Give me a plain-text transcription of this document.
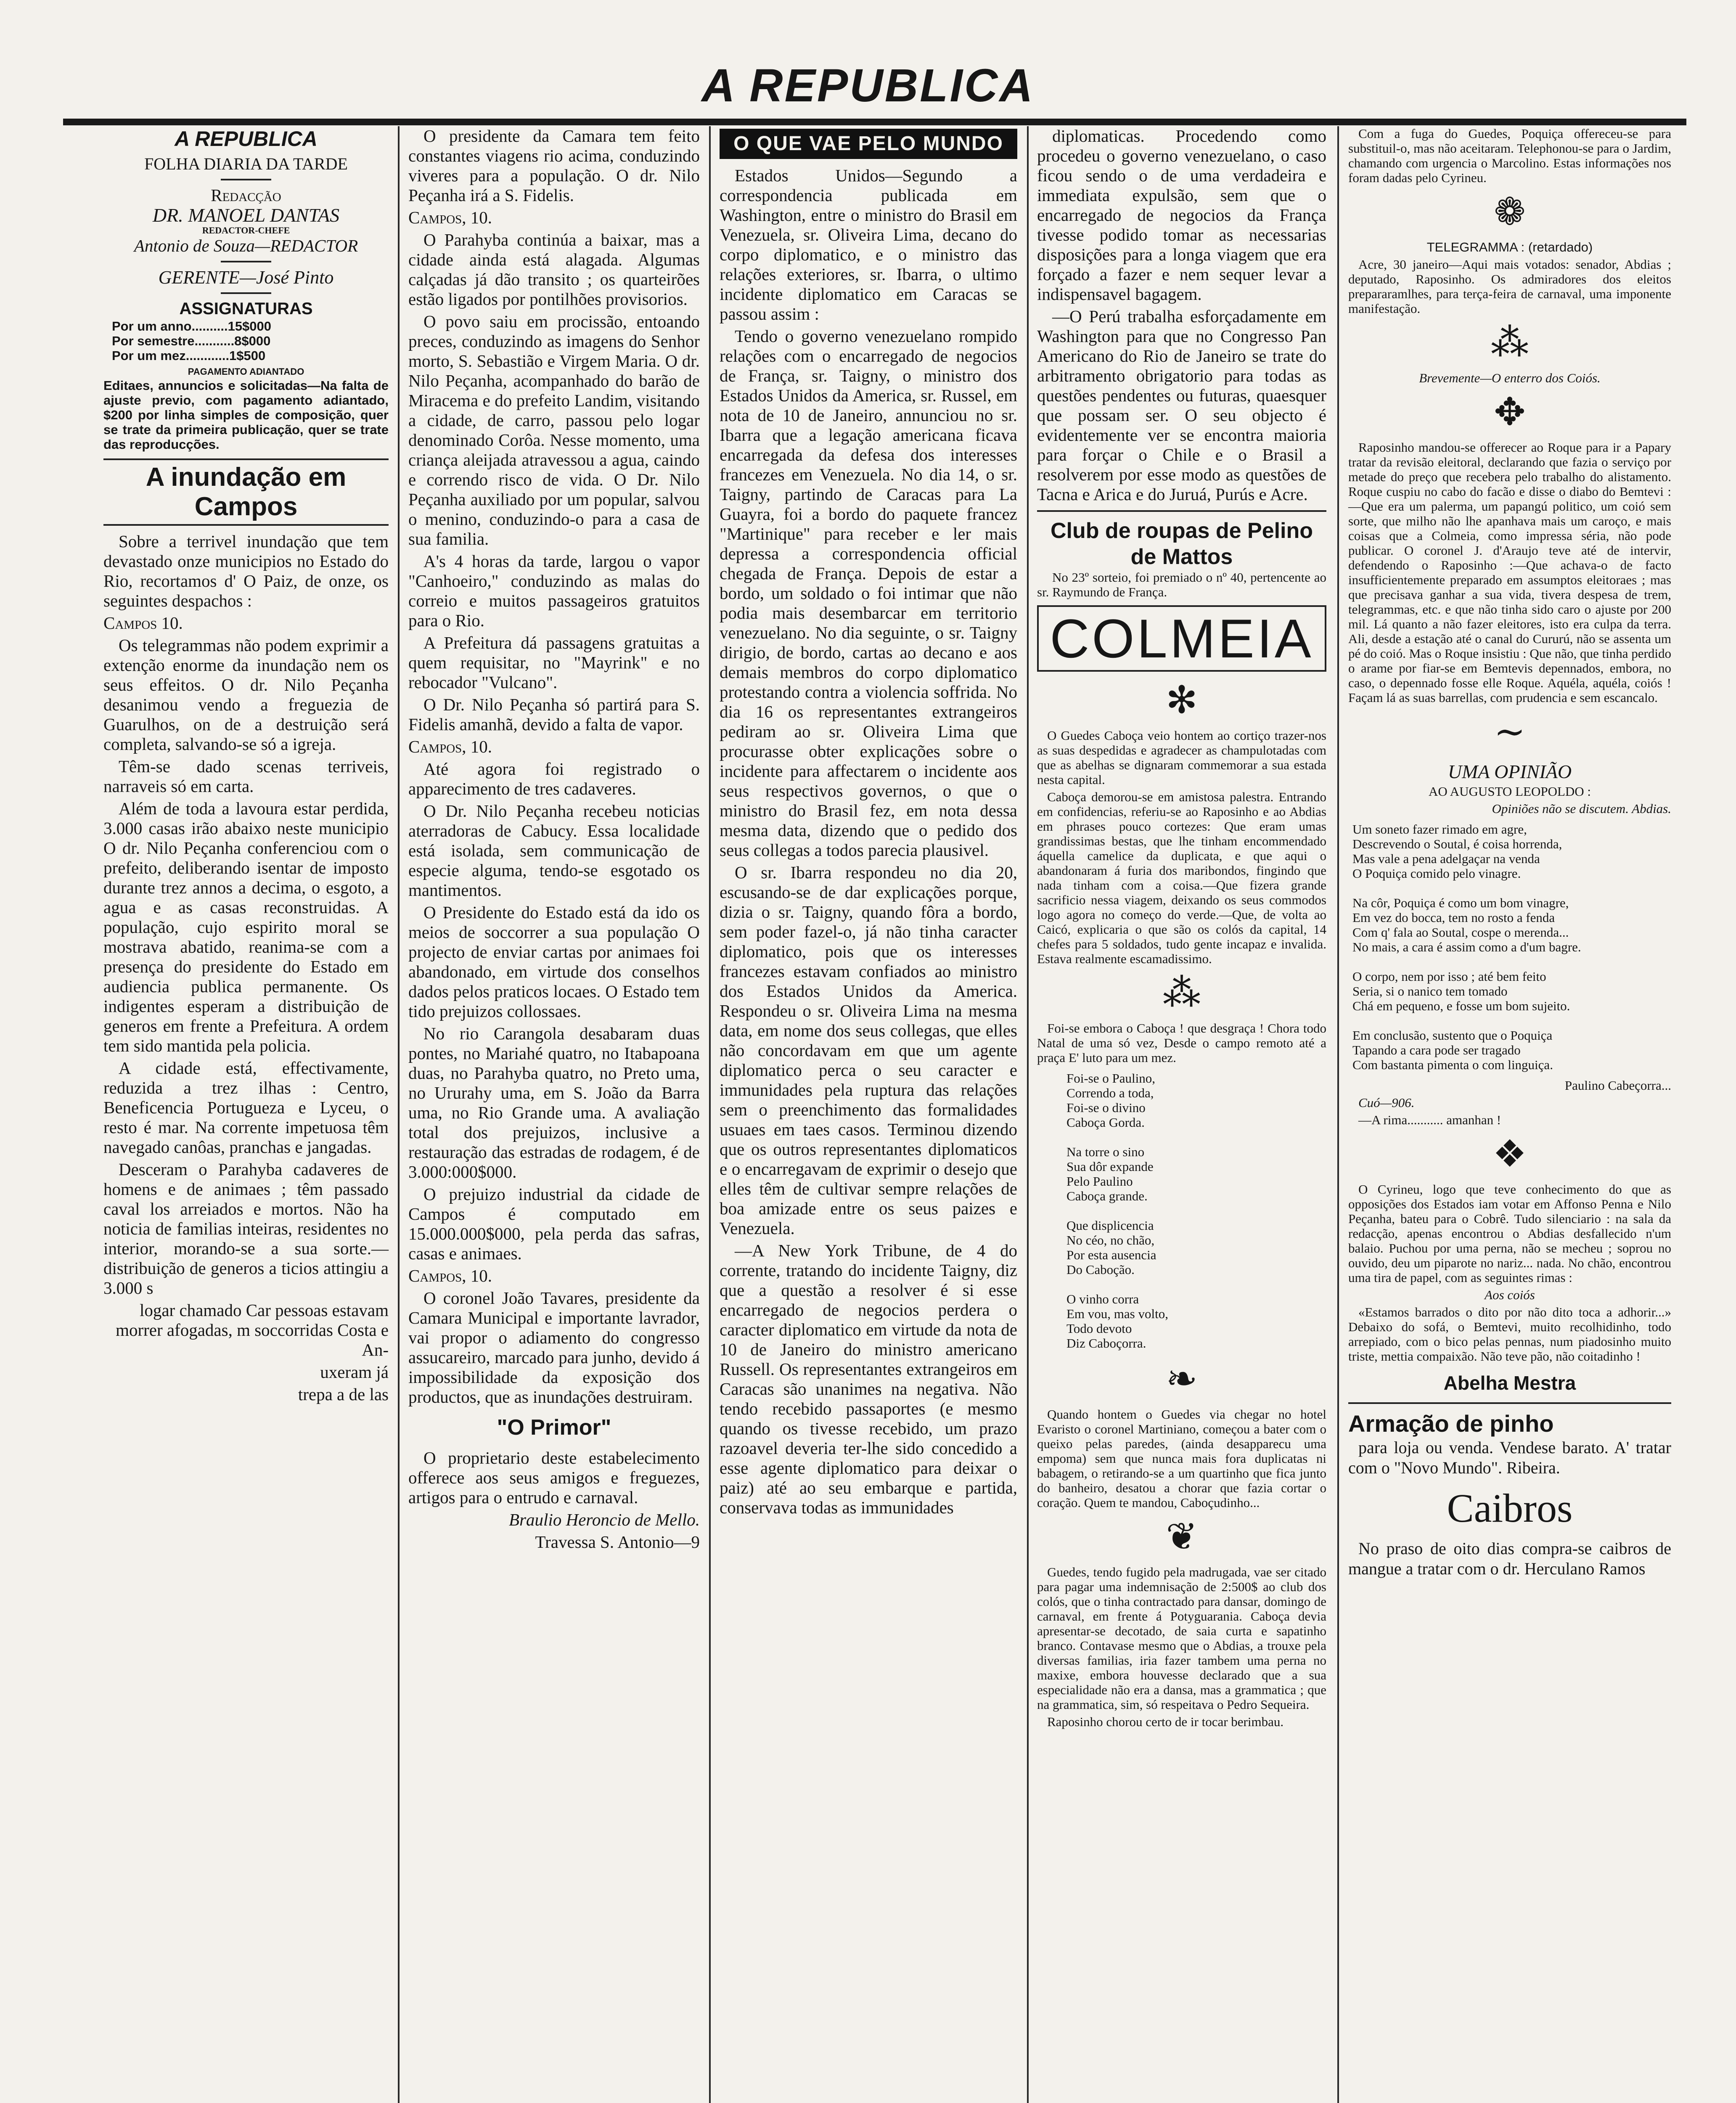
A REPUBLICA
A REPUBLICA
FOLHA DIARIA DA TARDE
Redacção
DR. MANOEL DANTAS
REDACTOR-CHEFE
Antonio de Souza—REDACTOR
GERENTE—José Pinto
ASSIGNATURAS
Por um anno..........15$000
Por semestre...........8$000
Por um mez............1$500
PAGAMENTO ADIANTADO
Editaes, annuncios e solicitadas—Na falta de ajuste previo, com pagamento adiantado, $200 por linha simples de composição, quer se trate da primeira publicação, quer se trate das reproducções.
A inundação em Campos

Sobre a terrivel inundação que tem devastado onze municipios no Estado do Rio, recortamos d' O Paiz, de onze, os seguintes despachos :

Campos 10.

Os telegrammas não podem exprimir a extenção enorme da inundação nem os seus effeitos. O dr. Nilo Peçanha desanimou vendo a freguezia de Guarulhos, on de a destruição será completa, salvando-se só a igreja.

Têm-se dado scenas terriveis, narraveis só em carta.

Além de toda a lavoura estar perdida, 3.000 casas irão abaixo neste municipio O dr. Nilo Peçanha conferenciou com o prefeito, deliberando isentar de imposto durante trez annos a decima, o esgoto, a agua e as casas reconstruidas. A população, cujo espirito moral se mostrava abatido, reanima-se com a presença do presidente do Estado em audiencia publica permanente. Os indigentes esperam a distribuição de generos em frente a Prefeitura. A ordem tem sido mantida pela policia.

A cidade está, effectivamente, reduzida a trez ilhas : Centro, Beneficencia Portugueza e Lyceu, o resto é mar. Na corrente impetuosa têm navegado canôas, pranchas e jangadas.

Desceram o Parahyba cadaveres de homens e de animaes ; têm passado caval los arreiados e mortos. Não ha noticia de familias inteiras, residentes no interior, morando-se a sua sorte.— distribuição de generos a ticios attingiu a 3.000 s

logar chamado Car pessoas estavam morrer afogadas, m soccorridas Costa e An-

uxeram já

trepa a de las

O presidente da Camara tem feito constantes viagens rio acima, conduzindo viveres para a população. O dr. Nilo Peçanha irá a S. Fidelis.

Campos, 10.

O Parahyba continúa a baixar, mas a cidade ainda está alagada. Algumas calçadas já dão transito ; os quarteirões estão ligados por pontilhões provisorios.

O povo saiu em procissão, entoando preces, conduzindo as imagens do Senhor morto, S. Sebastião e Virgem Maria. O dr. Nilo Peçanha, acompanhado do barão de Miracema e do prefeito Landim, visitando a cidade, de carro, passou pelo logar denominado Corôa. Nesse momento, uma criança aleijada atravessou a agua, caindo e correndo risco de vida. O Dr. Nilo Peçanha auxiliado por um popular, salvou o menino, conduzindo-o para a casa de sua familia.

A's 4 horas da tarde, largou o vapor "Canhoeiro," conduzindo as malas do correio e muitos passageiros gratuitos para o Rio.

A Prefeitura dá passagens gratuitas a quem requisitar, no "Mayrink" e no rebocador "Vulcano".

O Dr. Nilo Peçanha só partirá para S. Fidelis amanhã, devido a falta de vapor.

Campos, 10.

Até agora foi registrado o apparecimento de tres cadaveres.

O Dr. Nilo Peçanha recebeu noticias aterradoras de Cabucy. Essa localidade está isolada, sem communicação de especie alguma, tendo-se esgotado os mantimentos.

O Presidente do Estado está da ido os meios de soccorrer a sua população O projecto de enviar cartas por animaes foi abandonado, em virtude dos conselhos dados pelos praticos locaes. O Estado tem tido prejuizos collossaes.

No rio Carangola desabaram duas pontes, no Mariahé quatro, no Itabapoana duas, no Parahyba quatro, no Preto uma, no Ururahy uma, em S. João da Barra uma, no Rio Grande uma. A avaliação total dos prejuizos, inclusive a restauração das estradas de rodagem, é de 3.000:000$000.

O prejuizo industrial da cidade de Campos é computado em 15.000.000$000, pela perda das safras, casas e animaes.

Campos, 10.

O coronel João Tavares, presidente da Camara Municipal e importante lavrador, vai propor o adiamento do congresso assucareiro, marcado para junho, devido á impossibilidade da exposição dos productos, que as inundações destruiram.

"O Primor"

O proprietario deste estabelecimento offerece aos seus amigos e freguezes, artigos para o entrudo e carnaval.

Braulio Heroncio de Mello.

Travessa S. Antonio—9

O QUE VAE PELO MUNDO

Estados Unidos—Segundo a correspondencia publicada em Washington, entre o ministro do Brasil em Venezuela, sr. Oliveira Lima, decano do corpo diplomatico, e o ministro das relações exteriores, sr. Ibarra, o ultimo incidente diplomatico em Caracas se passou assim :

Tendo o governo venezuelano rompido relações com o encarregado de negocios de França, sr. Taigny, o ministro dos Estados Unidos da America, sr. Russel, em nota de 10 de Janeiro, annunciou no sr. Ibarra que a legação americana ficava encarregada da defesa dos interesses francezes em Venezuela. No dia 14, o sr. Taigny, partindo de Caracas para La Guayra, foi a bordo do paquete francez "Martinique" para receber e ler mais depressa a correspondencia official chegada de França. Depois de estar a bordo, um soldado o foi intimar que não podia mais desembarcar em territorio venezuelano. No dia seguinte, o sr. Taigny dirigio, de bordo, cartas ao decano e aos demais membros do corpo diplomatico protestando contra a violencia soffrida. No dia 16 os representantes extrangeiros pediram ao sr. Oliveira Lima que procurasse obter explicações sobre o incidente para affectarem o incidente aos seus respectivos governos, o que o ministro do Brasil fez, em nota dessa mesma data, dizendo que o pedido dos seus collegas a todos parecia plausivel.

O sr. Ibarra respondeu no dia 20, escusando-se de dar explicações porque, dizia o sr. Taigny, quando fôra a bordo, sem poder fazel-o, já não tinha caracter diplomatico, pois que os interesses francezes estavam confiados ao ministro dos Estados Unidos da America. Respondeu o sr. Oliveira Lima na mesma data, em nome dos seus collegas, que elles não concordavam em que um agente diplomatico perca o seu caracter e immunidades pela ruptura das relações sem o preenchimento das formalidades usuaes em taes casos. Terminou dizendo que os outros representantes diplomaticos e o encarregavam de exprimir o desejo que elles têm de cultivar sempre relações de boa amizade entre os seus paizes e Venezuela.

—A New York Tribune, de 4 do corrente, tratando do incidente Taigny, diz que a questão a resolver é si esse encarregado de negocios perdera o caracter diplomatico em virtude da nota de 10 de Janeiro do ministro americano Russell. Os representantes extrangeiros em Caracas são unanimes na negativa. Não tendo recebido passaportes (e mesmo quando os tivesse recebido, um prazo razoavel deveria ter-lhe sido concedido a esse agente diplomatico para deixar o paiz) até ao seu embarque e partida, conservava todas as immunidades

diplomaticas. Procedendo como procedeu o governo venezuelano, o caso ficou sendo o de uma verdadeira e immediata expulsão, sem que o encarregado de negocios da França tivesse podido tomar as necessarias disposições para a longa viagem que era forçado a fazer e nem sequer levar a indispensavel bagagem.

—O Perú trabalha esforçadamente em Washington para que no Congresso Pan Americano do Rio de Janeiro se trate do arbitramento obrigatorio para todas as questões pendentes ou futuras, quaesquer que possam ser. O seu objecto é evidentemente ver se encontra maioria para forçar o Chile e o Brasil a resolverem por esse modo as questões de Tacna e Arica e do Juruá, Purús e Acre.

Club de roupas de Pelino de Mattos

No 23º sorteio, foi premiado o nº 40, pertencente ao sr. Raymundo de França.

COLMEIA
✻

O Guedes Caboça veio hontem ao cortiço trazer-nos as suas despedidas e agradecer as champulotadas com que as abelhas se dignaram commemorar a sua estada nesta capital.

Caboça demorou-se em amistosa palestra. Entrando em confidencias, referiu-se ao Raposinho e ao Abdias em phrases pouco cortezes: Que eram umas grandissimas bestas, que lhe tinham encommendado áquella camelice da duplicata, e que aqui o abandonaram á furia dos maribondos, fingindo que nada tinham com a coisa.—Que fizera grande sacrificio nessa viagem, deixando os seus commodos logo agora no começo do verde.—Que, de volta ao Caicó, explicaria o que são os colós da capital, 14 chefes para 5 soldados, tudo gente incapaz e invalida. Estava realmente escamadissimo.

⁂

Foi-se embora o Caboça ! que desgraça ! Chora todo Natal de uma só vez, Desde o campo remoto até a praça E' luto para um mez.

Foi-se o Paulino,

Correndo a toda,

Foi-se o divino

Caboça Gorda.

Na torre o sino

Sua dôr expande

Pelo Paulino

Caboça grande.

Que displicencia

No céo, no chão,

Por esta ausencia

Do Caboção.

O vinho corra

Em vou, mas volto,

Todo devoto

Diz Caboçorra.

❧

Quando hontem o Guedes via chegar no hotel Evaristo o coronel Martiniano, começou a bater com o queixo pelas paredes, (ainda desapparecu uma empoma) sem que nunca mais fora duplicatas ni babagem, o retirando-se a um quartinho que fica junto do banheiro, desatou a chorar que fazia cortar o coração. Quem te mandou, Caboçudinho...

❦

Guedes, tendo fugido pela madrugada, vae ser citado para pagar uma indemnisação de 2:500$ ao club dos colós, que o tinha contractado para dansar, domingo de carnaval, em frente á Potyguarania. Caboça devia apresentar-se decotado, de saia curta e sapatinho branco. Contavase mesmo que o Abdias, a trouxe pela diversas familias, iria fazer tambem uma perna no maxixe, embora houvesse declarado que a sua especialidade não era a dansa, mas a grammatica ; que na grammatica, sim, só respeitava o Pedro Sequeira.

Raposinho chorou certo de ir tocar berimbau.

Com a fuga do Guedes, Poquiça offereceu-se para substituil-o, mas não aceitaram. Telephonou-se para o Jardim, chamando com urgencia o Marcolino. Estas informações nos foram dadas pelo Cyrineu.

❁

TELEGRAMMA : (retardado)

Acre, 30 janeiro—Aqui mais votados: senador, Abdias ; deputado, Raposinho. Os admiradores dos eleitos prepararamlhes, para terça-feira de carnaval, uma imponente manifestação.

⁂

Brevemente—O enterro dos Coiós.

✥

Raposinho mandou-se offerecer ao Roque para ir a Papary tratar da revisão eleitoral, declarando que fazia o serviço por metade do preço que recebera pelo trabalho do alistamento. Roque cuspiu no cabo do facão e disse o diabo do Bemtevi :—Que era um palerma, um papangú politico, um coió sem sorte, que milho não lhe apanhava mais um caroço, e mais coisas que a Colmeia, como impressa séria, não pode publicar. O coronel J. d'Araujo teve até de intervir, defendendo o Raposinho :—Que achava-o de facto insufficientemente preparado em assumptos eleitoraes ; mas que precisava ganhar a sua vida, tivera despesa de trem, telegrammas, etc. e que não tinha sido caro o ajuste por 200 mil. Lá quanto a não fazer eleitores, isto era culpa da terra. Ali, desde a estação até o canal do Cururú, não se assenta um pé do coió. Mas o Roque insistiu : Que não, que tinha perdido o arame por fiar-se em Bemtevis depennados, embora, no caso, o depennado fosse elle Roque. Aquéla, aquéla, coiós ! Façam lá as suas barrellas, com prudencia e sem escancalo.

∼
UMA OPINIÃO

AO AUGUSTO LEOPOLDO :

Opiniões não se discutem. Abdias.

Um soneto fazer rimado em agre,

Descrevendo o Soutal, é coisa horrenda,

Mas vale a pena adelgaçar na venda

O Poquiça comido pelo vinagre.

Na côr, Poquiça é como um bom vinagre,

Em vez do bocca, tem no rosto a fenda

Com q' fala ao Soutal, cospe o merenda...

No mais, a cara é assim como a d'um bagre.

O corpo, nem por isso ; até bem feito

Seria, si o nanico tem tomado

Chá em pequeno, e fosse um bom sujeito.

Em conclusão, sustento que o Poquiça

Tapando a cara pode ser tragado

Com bastanta pimenta o com linguiça.

Paulino Cabeçorra...

Cuó—906.

—A rima........... amanhan !

❖

O Cyrineu, logo que teve conhecimento do que as opposições dos Estados iam votar em Affonso Penna e Nilo Peçanha, bateu para o Cobrê. Tudo silenciario : na sala da redacção, apenas encontrou o Abdias desfallecido n'um balaio. Puchou por uma perna, não se mecheu ; soprou no ouvido, deu um piparote no nariz... nada. No chão, encontrou uma tira de papel, com as seguintes rimas :

Aos coiós

«Estamos barrados o dito por não dito toca a adhorir...» Debaixo do sofá, o Bemtevi, muito recolhidinho, todo arrepiado, com o bico pelas pennas, num piadosinho muito triste, mettia compaixão. Não teve pão, não coitadinho !

Abelha Mestra
Armação de pinho

para loja ou venda. Vendese barato. A' tratar com o "Novo Mundo". Ribeira.

Caibros

No praso de oito dias compra-se caibros de mangue a tratar com o dr. Herculano Ramos
